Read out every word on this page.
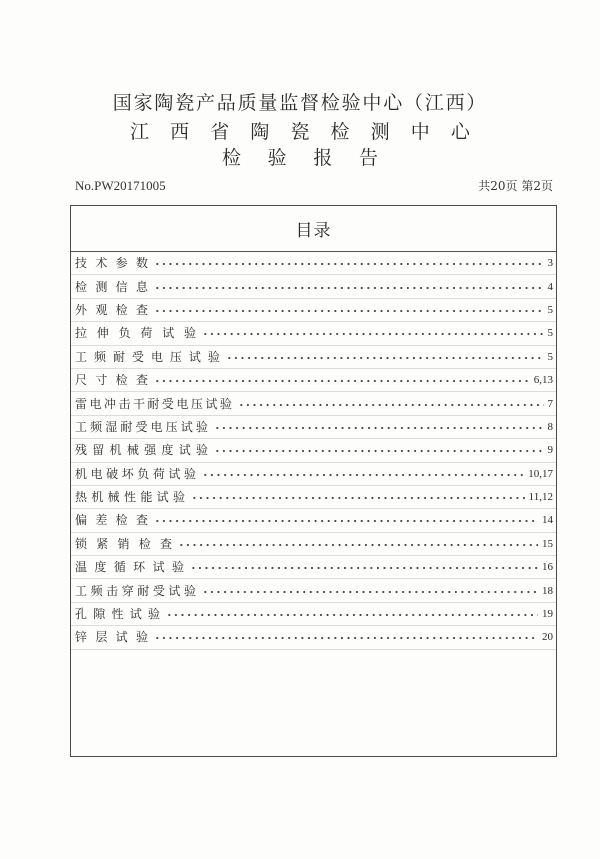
国家陶瓷产品质量监督检验中心（江西）
江 西 省 陶 瓷 检 测 中 心
检 验 报 告
No.PW20171005	共20页 第2页
目录
技 术 参 数	3
检 测 信 息	4
外 观 检 查	5
拉 伸 负 荷 试 验	5
工 频 耐 受 电 压 试 验	5
尺 寸 检 查	6,13
雷 电 冲 击 干 耐 受 电 压 试 验	7
工 频 湿 耐 受 电 压 试 验	8
残 留 机 械 强 度 试 验	9
机 电 破 坏 负 荷 试 验	10,17
热 机 械 性 能 试 验	11,12
偏 差 检 查	14
锁 紧 销 检 查	15
温 度 循 环 试 验	16
工 频 击 穿 耐 受 试 验	18
孔 隙 性 试 验	19
锌 层 试 验	20
